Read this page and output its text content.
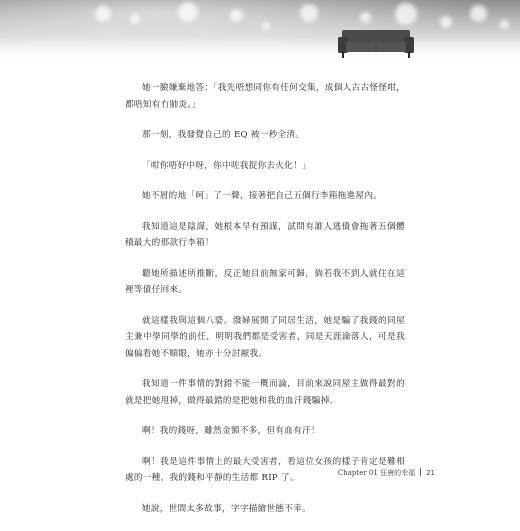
她一臉嫌棄地答：「我先唔想同你有任何交集，成個人古古怪怪咁，都唔知有冇肺炎。」

那一刻，我發覺自己的 EQ 被一秒全清。

「咁你唔好中呀，你中咗我捉你去火化！」

她不屑的地「呵」了一聲，接著把自己五個行李箱拖進屋內。

我知道這是陰謀，她根本早有預謀，試問有誰人逃債會拖著五個體積最大的那款行李箱！

聽她所描述所推斷，反正她目前無家可歸，倘若我不到人就住在這裡等債仔回來。

就這樣我與這個八婆、潑婦展開了同居生活，她是騙了我錢的同屋主兼中學同學的前任，明明我們都是受害者，同是天涯淪落人，可是我偏偏看她不順眼，她亦十分討厭我。

我知道一件事情的對錯不能一概而論，目前來說同屋主做得最對的就是把她甩掉，做得最錯的是把她和我的血汗錢騙掉。

啊！我的錢呀，雖然金額不多，但有血有汗！

啊！我是這件事情上的最大受害者，看這位女孩的樣子肯定是難相處的一種，我的錢和平靜的生活都 RIP 了。

她說，世間太多故事，字字描繪世態不幸。

Chapter 01 狂唐的幸福 21
